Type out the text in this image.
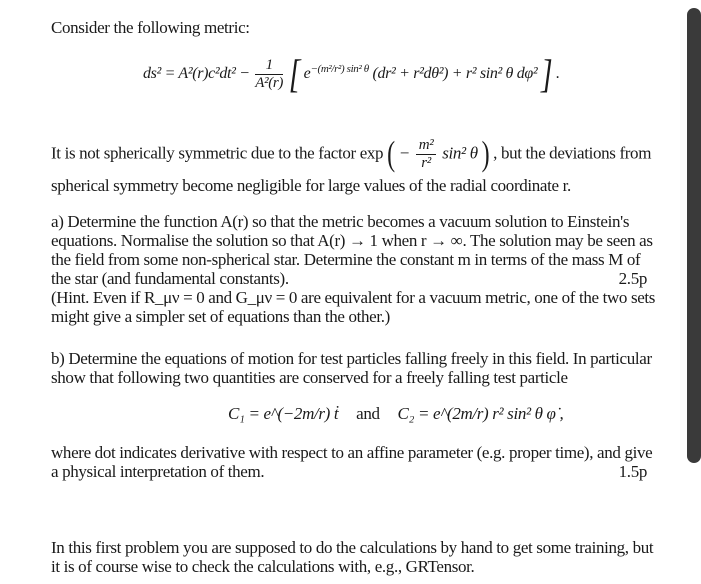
Consider the following metric:
$ds^2 = A^2(r)c^2dt^2 - \frac{1}{\text{A²(r)}}$ [ $e^{-(m^2/r^2) sin^2 \theta}$ (dr² + r²dθ²) + r² sin² θ dφ² ] .
It is not spherically symmetric due to the factor exp ( − $\frac{\text{m²}}{\text{r²}} \sin^2$ θ ) , but the deviations from
spherical symmetry become negligible for large values of the radial coordinate r.
a) Determine the function A(r) so that the metric becomes a vacuum solution to Einstein's
equations. Normalise the solution so that A(r) → 1 when r → ∞. The solution may be seen as
the field from some non-spherical star. Determine the constant m in terms of the mass M of
the star (and fundamental constants).	2.5p
(Hint. Even if R_μν = 0 and G_μν = 0 are equivalent for a vacuum metric, one of the two sets
might give a simpler set of equations than the other.)
b) Determine the equations of motion for test particles falling freely in this field. In particular
show that following two quantities are conserved for a freely falling test particle
C₁ = e^(−2m/r) ṫ and C₂ = e^(2m/r) r² sin² θ φ̇ ,
where dot indicates derivative with respect to an affine parameter (e.g. proper time), and give
a physical interpretation of them.	1.5p
In this first problem you are supposed to do the calculations by hand to get some training, but
it is of course wise to check the calculations with, e.g., GRTensor.
